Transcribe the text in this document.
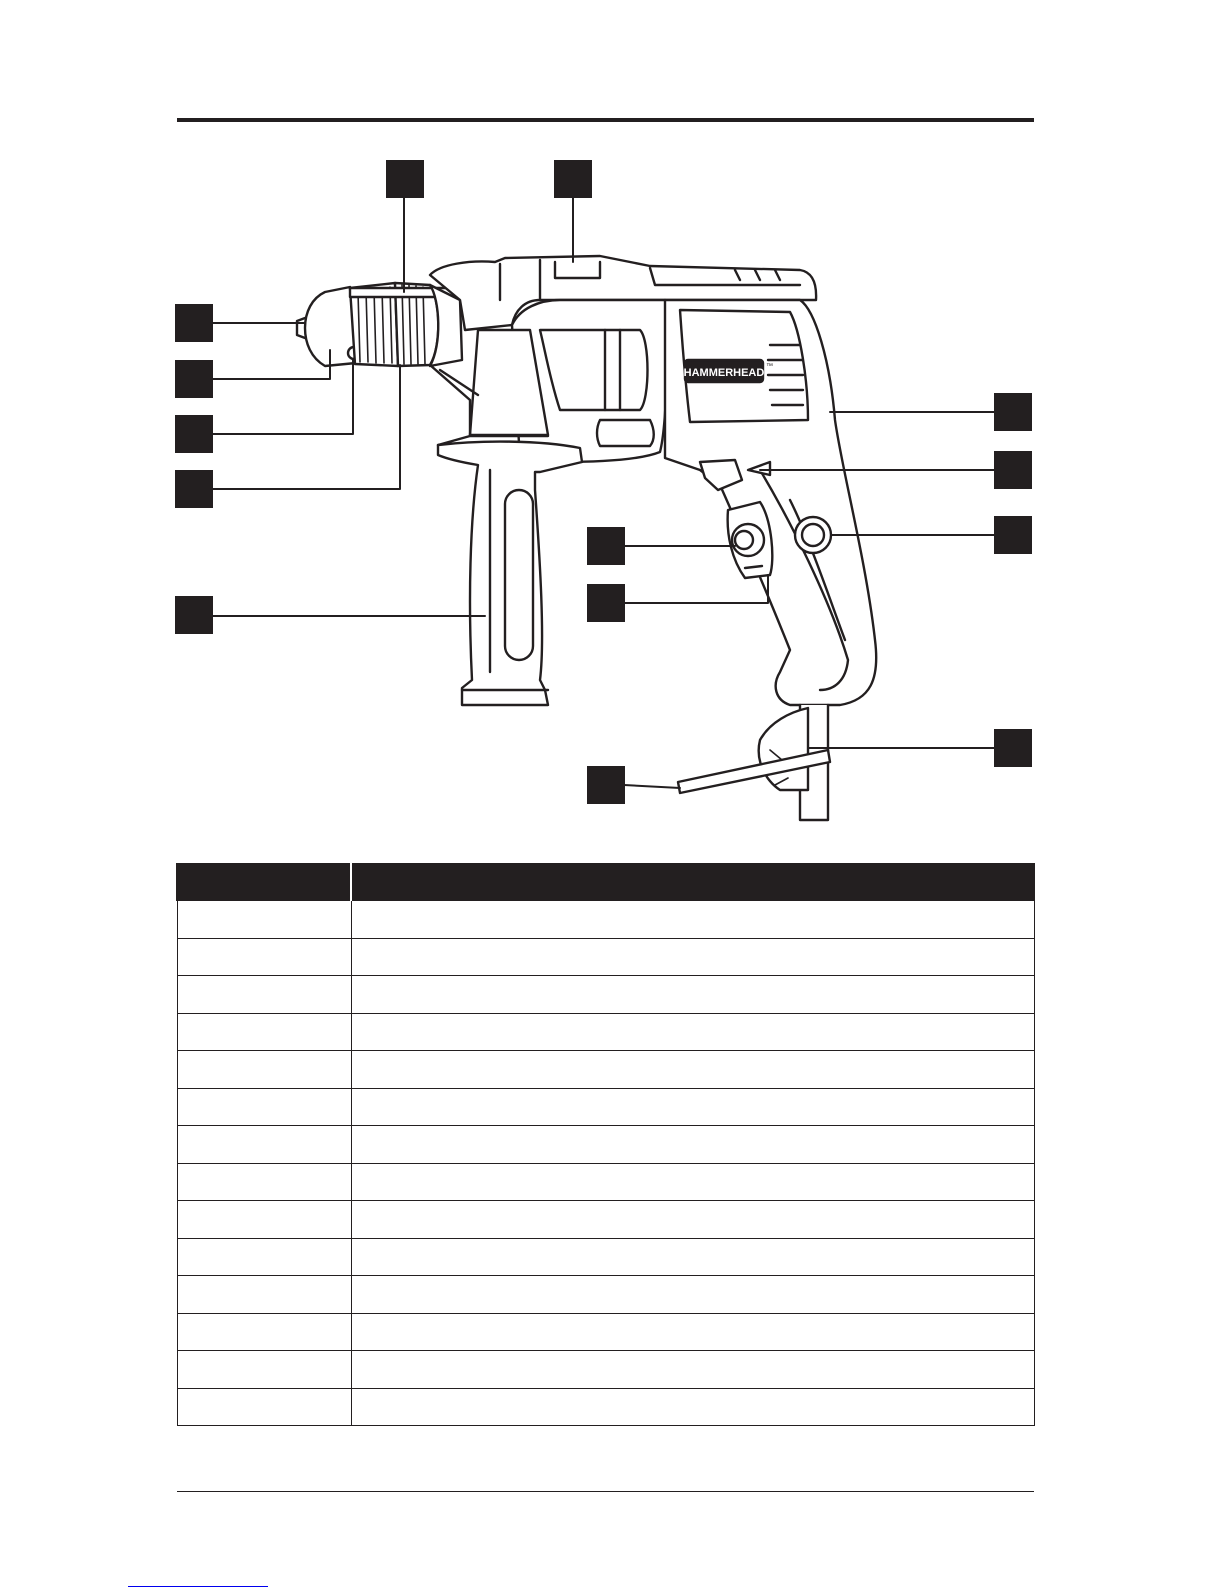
HAMMERHEAD
™
